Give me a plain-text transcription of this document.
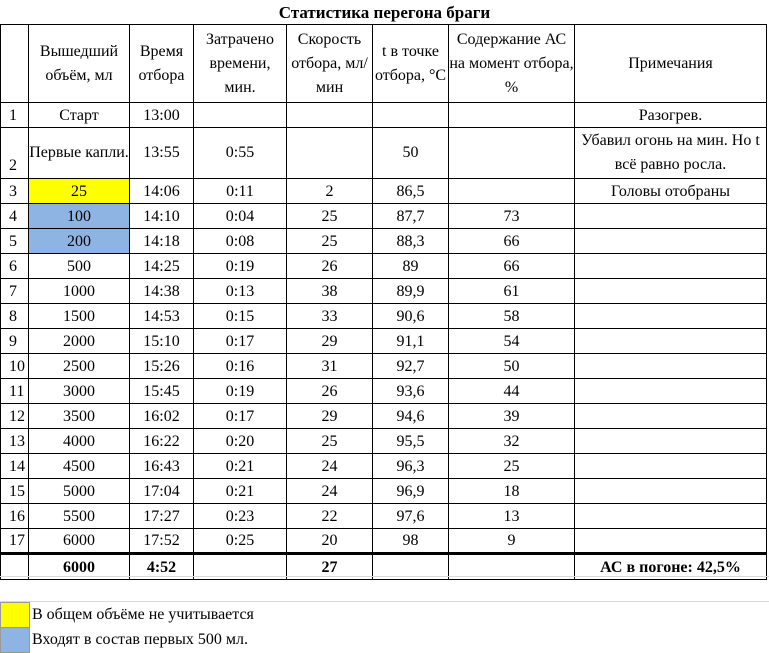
Статистика перегона браги
	Вышедший объём, мл	Время отбора	Затрачено времени, мин.	Скорость отбора, мл/мин	t в точке отбора, °С	Содержание АС на момент отбора, %	Примечания
1	Старт	13:00					Разогрев.
2	Первые капли.	13:55	0:55		50		Убавил огонь на мин. Но t всё равно росла.
3	25	14:06	0:11	2	86,5		Головы отобраны
4	100	14:10	0:04	25	87,7	73	
5	200	14:18	0:08	25	88,3	66	
6	500	14:25	0:19	26	89	66	
7	1000	14:38	0:13	38	89,9	61	
8	1500	14:53	0:15	33	90,6	58	
9	2000	15:10	0:17	29	91,1	54	
10	2500	15:26	0:16	31	92,7	50	
11	3000	15:45	0:19	26	93,6	44	
12	3500	16:02	0:17	29	94,6	39	
13	4000	16:22	0:20	25	95,5	32	
14	4500	16:43	0:21	24	96,3	25	
15	5000	17:04	0:21	24	96,9	18	
16	5500	17:27	0:23	22	97,6	13	
17	6000	17:52	0:25	20	98	9	
	6000	4:52		27			АС в погоне: 42,5%
В общем объёме не учитывается
Входят в состав первых 500 мл.
